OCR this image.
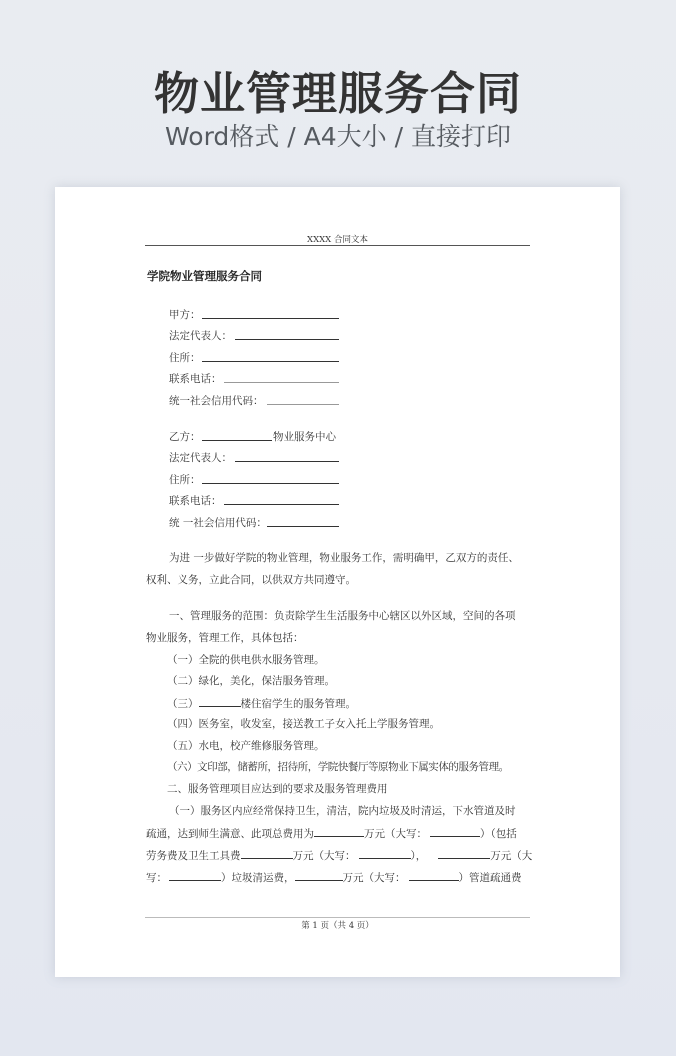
物业管理服务合同
Word格式 / A4大小 / 直接打印
XXXX 合同文本
学院物业管理服务合同
甲方：
法定代表人：
住所：
联系电话：
统一社会信用代码：
乙方：	物业服务中心
法定代表人：
住所：
联系电话：
统 一社会信用代码：
为进 一步做好学院的物业管理，物业服务工作，需明确甲，乙双方的责任、
权利、义务，立此合同，以供双方共同遵守。
一、管理服务的范围：负责除学生生活服务中心辖区以外区域，空间的各项
物业服务，管理工作，具体包括：
（一）全院的供电供水服务管理。
（二）绿化，美化，保洁服务管理。
（三）	楼住宿学生的服务管理。
（四）医务室，收发室，接送教工子女入托上学服务管理。
（五）水电，校产维修服务管理。
（六）文印部，储蓄所，招待所，学院快餐厅等原物业下属实体的服务管理。
二、服务管理项目应达到的要求及服务管理费用
（一）服务区内应经常保持卫生，清洁，院内垃圾及时清运，下水管道及时
疏通，达到师生满意、此项总费用为	万元（大写：	）（包括
劳务费及卫生工具费	万元（大写：	），	万元（大
写：	）垃圾清运费，	万元（大写：	）管道疏通费
第 1 页（共 4 页）
